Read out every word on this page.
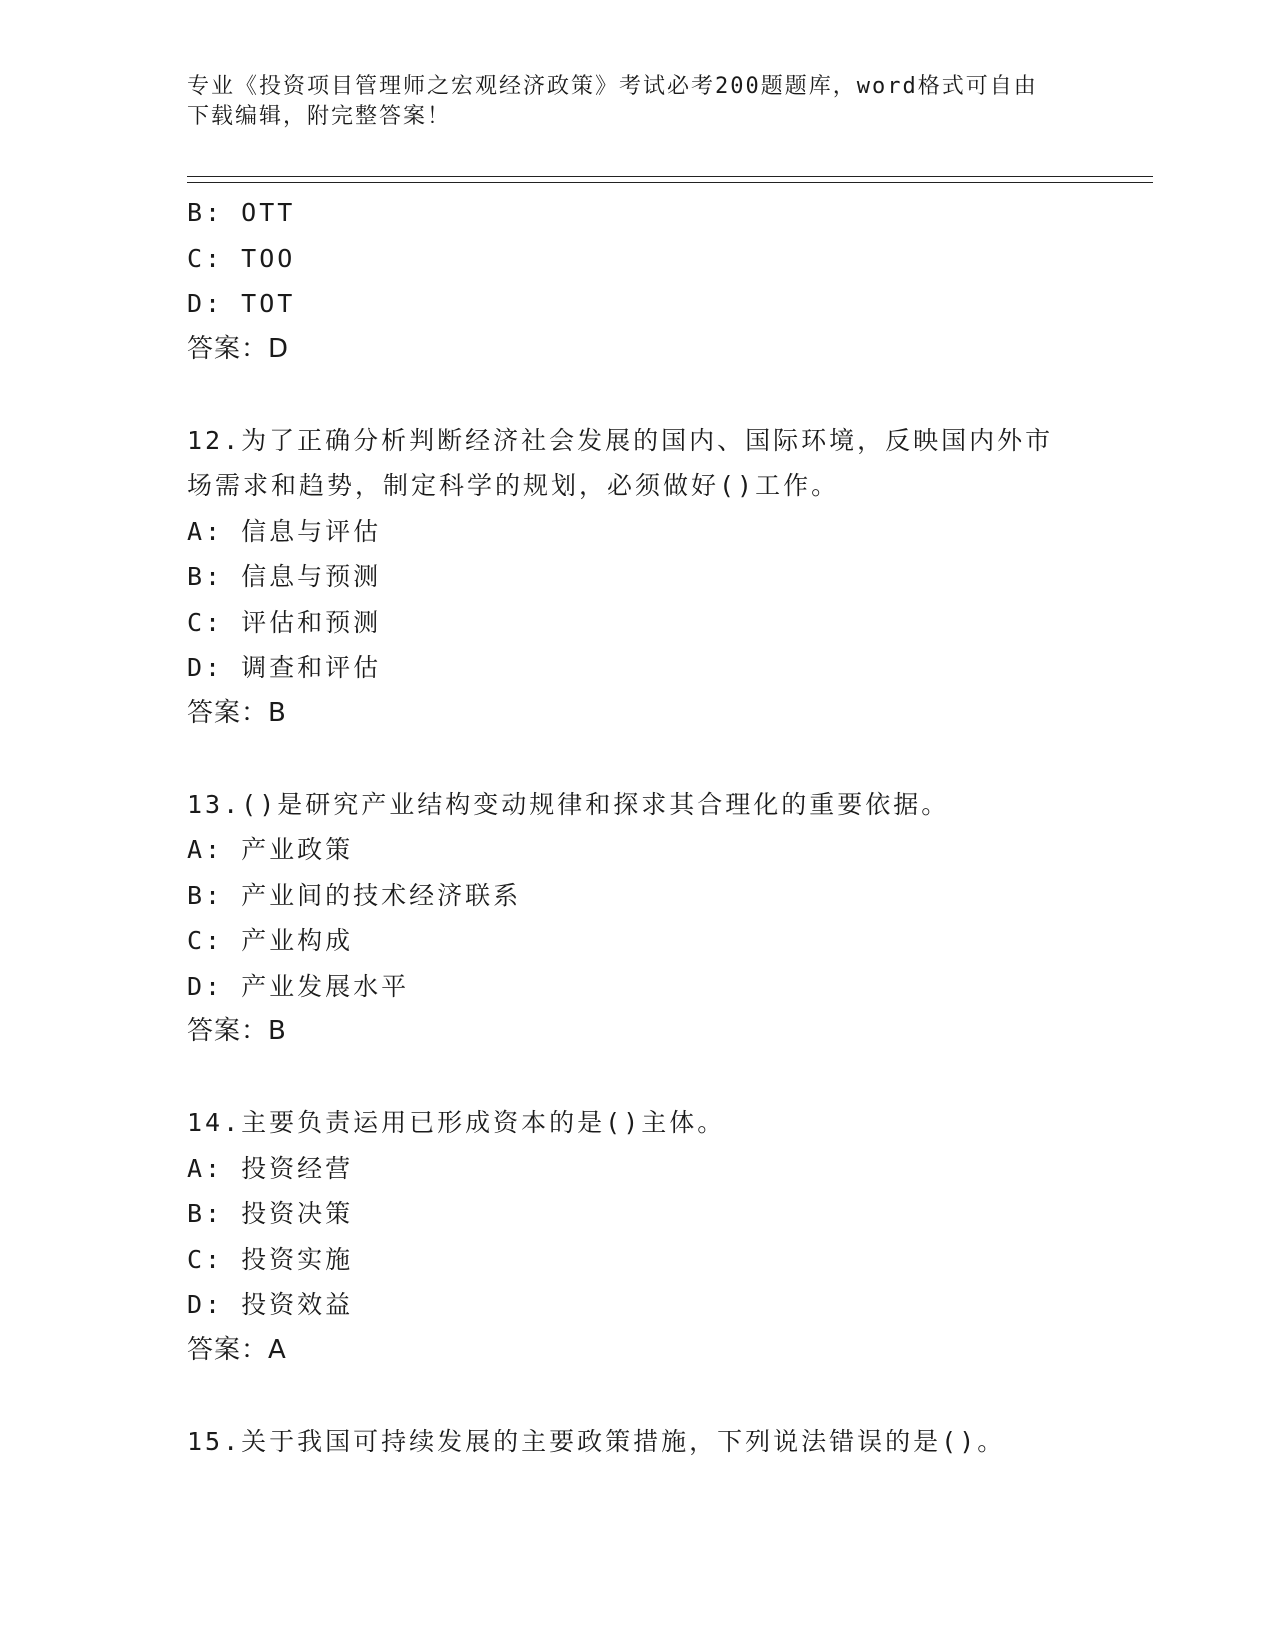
专业《投资项目管理师之宏观经济政策》考试必考200题题库，word格式可自由
下载编辑，附完整答案！
B: OTT
C: TOO
D: TOT
答案：D
12.为了正确分析判断经济社会发展的国内、国际环境，反映国内外市
场需求和趋势，制定科学的规划，必须做好()工作。
A: 信息与评估
B: 信息与预测
C: 评估和预测
D: 调查和评估
答案：B
13.()是研究产业结构变动规律和探求其合理化的重要依据。
A: 产业政策
B: 产业间的技术经济联系
C: 产业构成
D: 产业发展水平
答案：B
14.主要负责运用已形成资本的是()主体。
A: 投资经营
B: 投资决策
C: 投资实施
D: 投资效益
答案：A
15.关于我国可持续发展的主要政策措施，下列说法错误的是()。
